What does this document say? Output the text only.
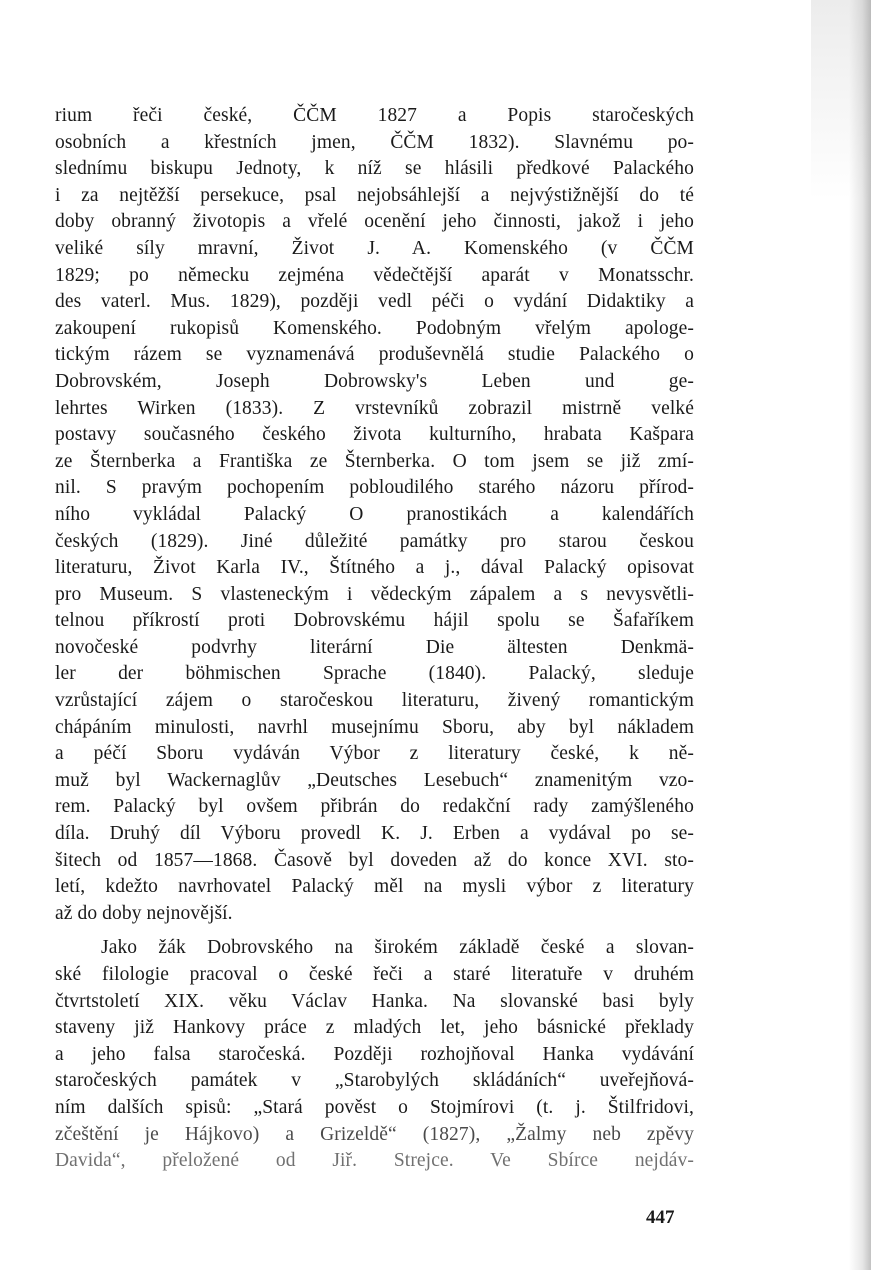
rium řeči české, ČČM 1827 a Popis staročeských
osobních a křestních jmen, ČČM 1832). Slavnému po-
slednímu biskupu Jednoty, k níž se hlásili předkové Palackého
i za nejtěžší persekuce, psal nejobsáhlejší a nejvýstižnější do té
doby obranný životopis a vřelé ocenění jeho činnosti, jakož i jeho
veliké síly mravní, Život J. A. Komenského (v ČČM
1829; po německu zejména vědečtější aparát v Monatsschr.
des vaterl. Mus. 1829), později vedl péči o vydání Didaktiky a
zakoupení rukopisů Komenského. Podobným vřelým apologe-
tickým rázem se vyznamenává produševnělá studie Palackého o
Dobrovském, Joseph Dobrowsky's Leben und ge-
lehrtes Wirken (1833). Z vrstevníků zobrazil mistrně velké
postavy současného českého života kulturního, hrabata Kašpara
ze Šternberka a Františka ze Šternberka. O tom jsem se již zmí-
nil. S pravým pochopením pobloudilého starého názoru přírod-
ního vykládal Palacký O pranostikách a kalendářích
českých (1829). Jiné důležité památky pro starou českou
literaturu, Život Karla IV., Štítného a j., dával Palacký opisovat
pro Museum. S vlasteneckým i vědeckým zápalem a s nevysvětli-
telnou příkrostí proti Dobrovskému hájil spolu se Šafaříkem
novočeské podvrhy literární Die ältesten Denkmä-
ler der böhmischen Sprache (1840). Palacký, sleduje
vzrůstající zájem o staročeskou literaturu, živený romantickým
chápáním minulosti, navrhl musejnímu Sboru, aby byl nákladem
a péčí Sboru vydáván Výbor z literatury české, k ně-
muž byl Wackernaglův „Deutsches Lesebuch“ znamenitým vzo-
rem. Palacký byl ovšem přibrán do redakční rady zamýšleného
díla. Druhý díl Výboru provedl K. J. Erben a vydával po se-
šitech od 1857—1868. Časově byl doveden až do konce XVI. sto-
letí, kdežto navrhovatel Palacký měl na mysli výbor z literatury
až do doby nejnovější.
Jako žák Dobrovského na širokém základě české a slovan-
ské filologie pracoval o české řeči a staré literatuře v druhém
čtvrtstoletí XIX. věku Václav Hanka. Na slovanské basi byly
staveny již Hankovy práce z mladých let, jeho básnické překlady
a jeho falsa staročeská. Později rozhojňoval Hanka vydávání
staročeských památek v „Starobylých skládáních“ uveřejňová-
ním dalších spisů: „Stará pověst o Stojmírovi (t. j. Štilfridovi,
zčeštění je Hájkovo) a Grizeldě“ (1827), „Žalmy neb zpěvy
Davida“, přeložené od Jiř. Strejce. Ve Sbírce nejdáv-
447
